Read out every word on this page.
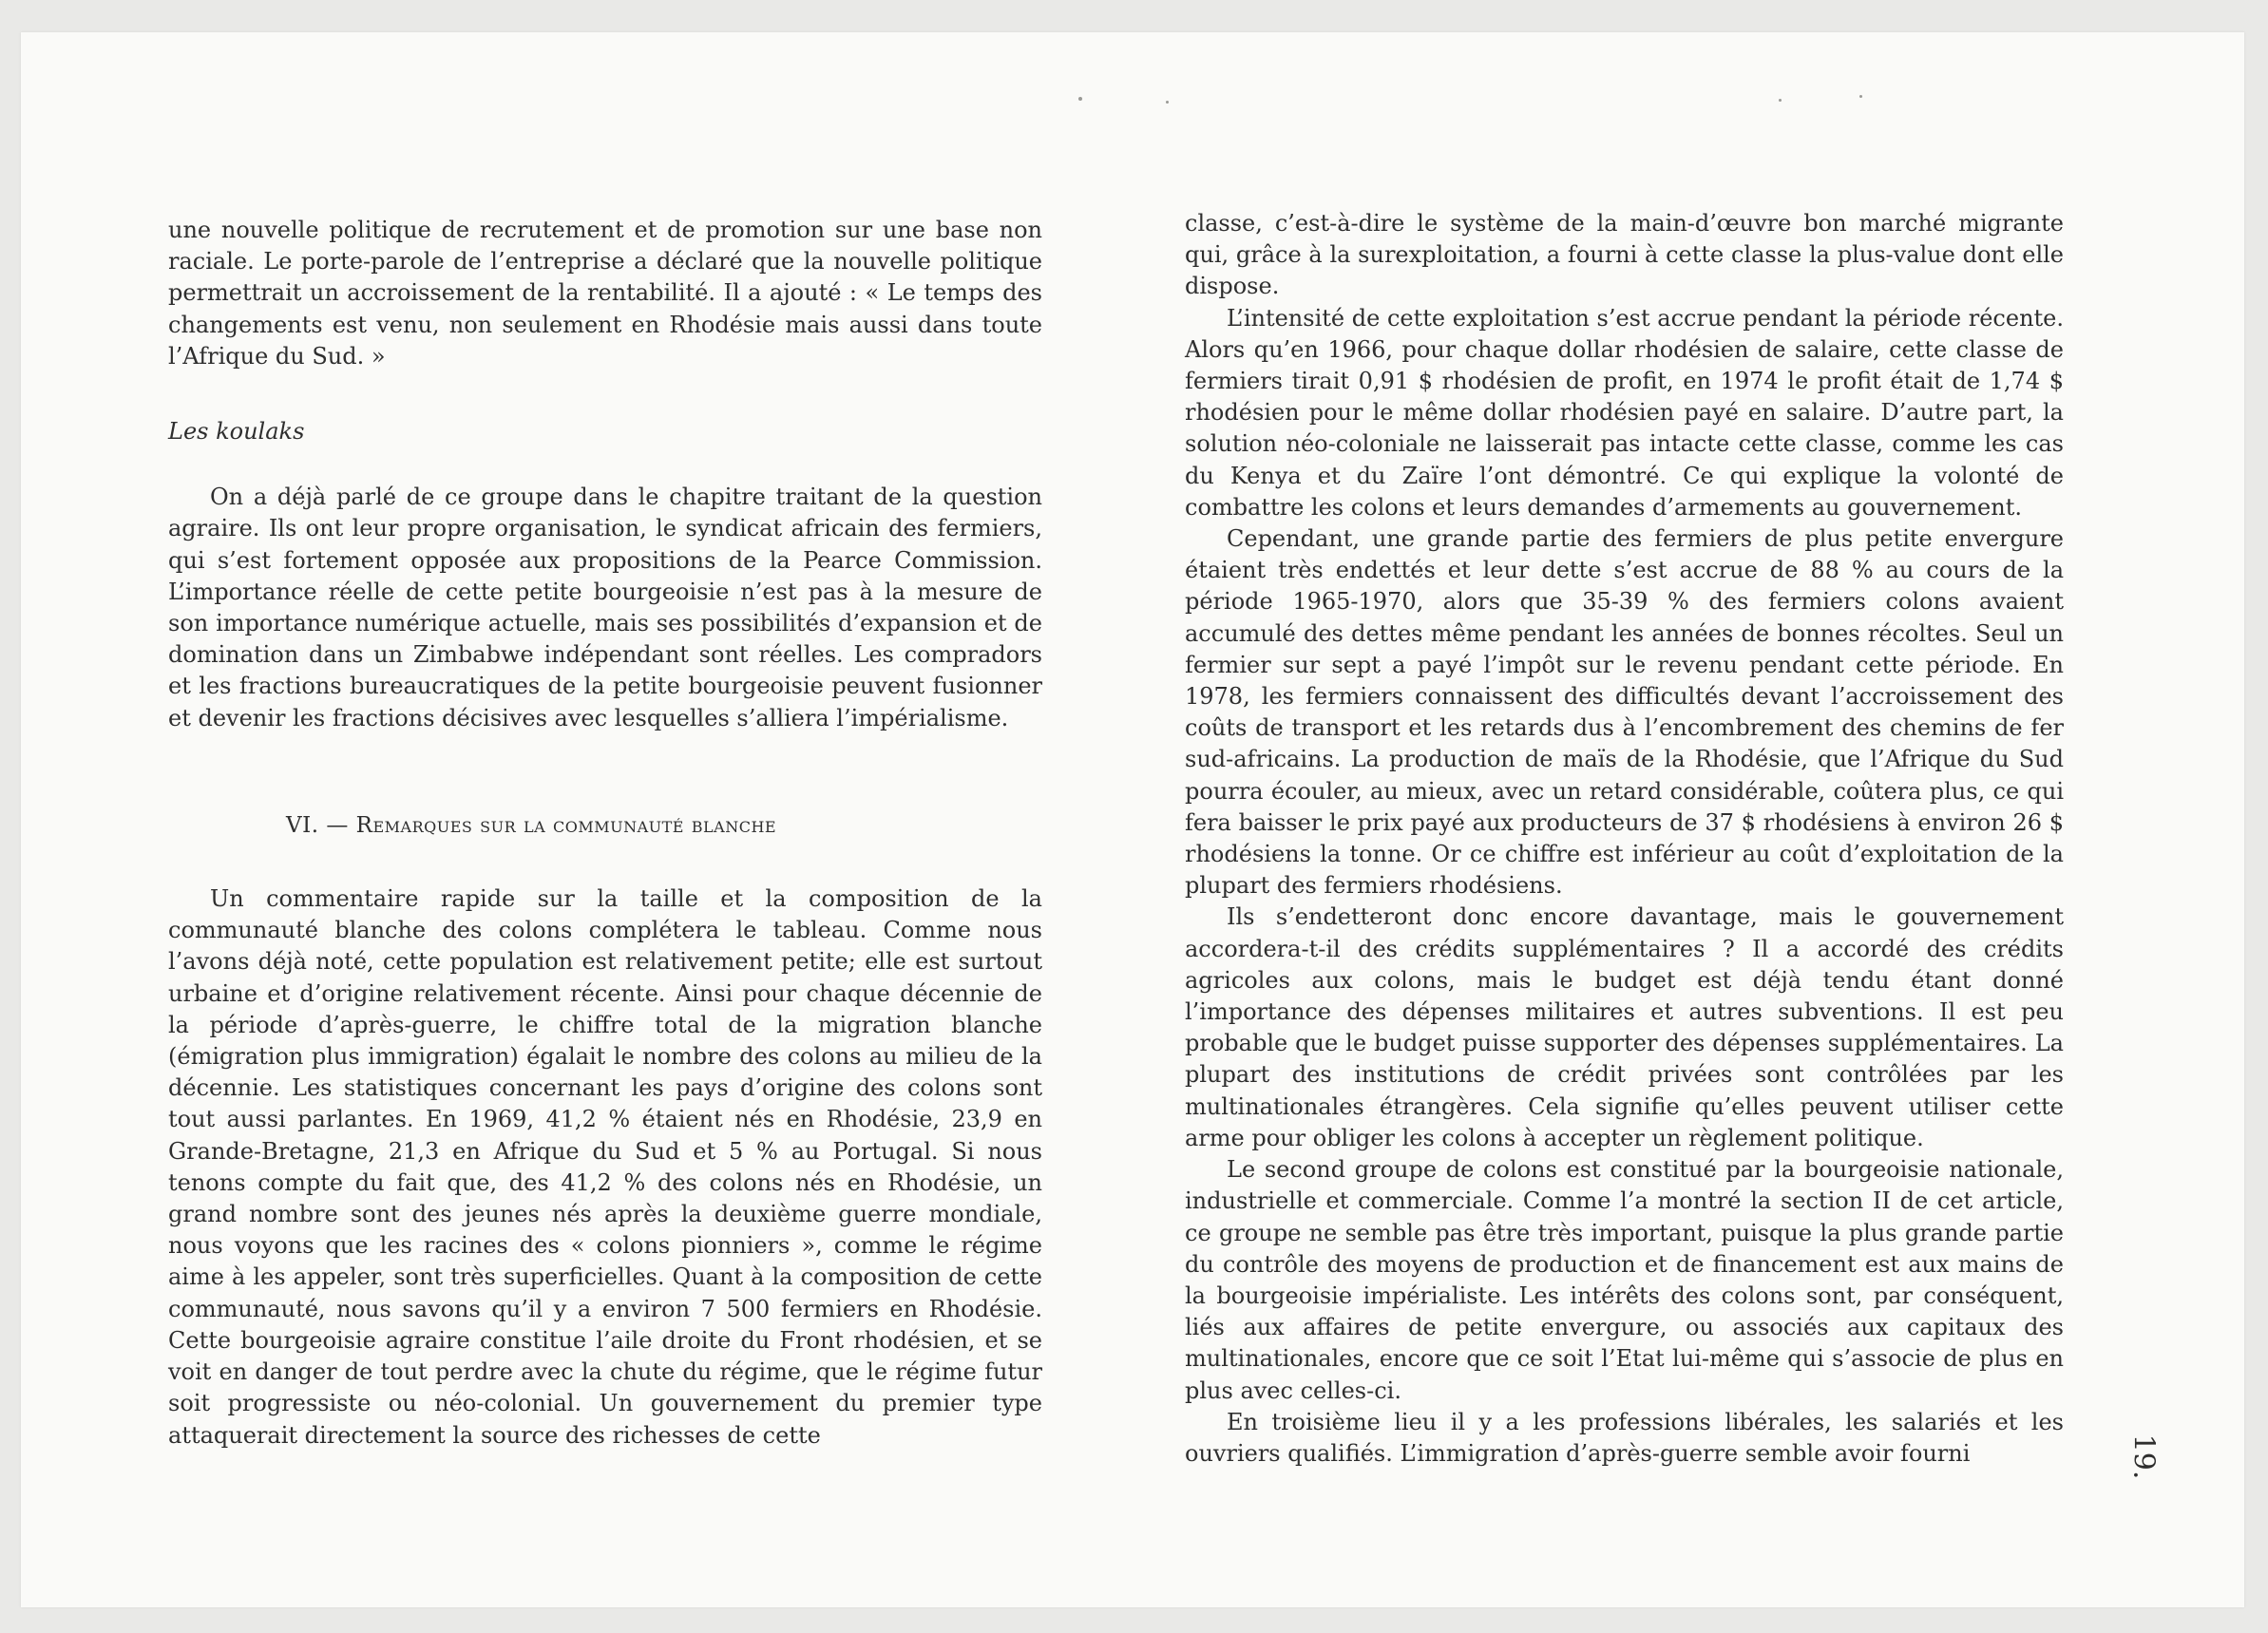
une nouvelle politique de recrutement et de promotion sur une base non raciale. Le porte-parole de l’entreprise a déclaré que la nouvelle politique permettrait un accroissement de la rentabilité. Il a ajouté : « Le temps des changements est venu, non seulement en Rhodésie mais aussi dans toute l’Afrique du Sud. »

Les koulaks

On a déjà parlé de ce groupe dans le chapitre traitant de la question agraire. Ils ont leur propre organisation, le syndicat africain des fermiers, qui s’est fortement opposée aux propositions de la Pearce Commission. L’importance réelle de cette petite bourgeoisie n’est pas à la mesure de son importance numérique actuelle, mais ses possibilités d’expansion et de domination dans un Zimbabwe indépendant sont réelles. Les compradors et les fractions bureaucratiques de la petite bourgeoisie peuvent fusionner et devenir les fractions décisives avec lesquelles s’alliera l’impérialisme.

VI. — Remarques sur la communauté blanche

Un commentaire rapide sur la taille et la composition de la communauté blanche des colons complétera le tableau. Comme nous l’avons déjà noté, cette population est relativement petite; elle est surtout urbaine et d’origine relativement récente. Ainsi pour chaque décennie de la période d’après-guerre, le chiffre total de la migration blanche (émigration plus immigration) égalait le nombre des colons au milieu de la décennie. Les statistiques concernant les pays d’origine des colons sont tout aussi parlantes. En 1969, 41,2 % étaient nés en Rhodésie, 23,9 en Grande-Bretagne, 21,3 en Afrique du Sud et 5 % au Portugal. Si nous tenons compte du fait que, des 41,2 % des colons nés en Rhodésie, un grand nombre sont des jeunes nés après la deuxième guerre mondiale, nous voyons que les racines des « colons pionniers », comme le régime aime à les appeler, sont très superficielles. Quant à la composition de cette communauté, nous savons qu’il y a environ 7 500 fermiers en Rhodésie. Cette bourgeoisie agraire constitue l’aile droite du Front rhodésien, et se voit en danger de tout perdre avec la chute du régime, que le régime futur soit progressiste ou néo-colonial. Un gouvernement du premier type attaquerait directement la source des richesses de cette

classe, c’est-à-dire le système de la main-d’œuvre bon marché migrante qui, grâce à la surexploitation, a fourni à cette classe la plus-value dont elle dispose.

L’intensité de cette exploitation s’est accrue pendant la période récente. Alors qu’en 1966, pour chaque dollar rhodésien de salaire, cette classe de fermiers tirait 0,91 $ rhodésien de profit, en 1974 le profit était de 1,74 $ rhodésien pour le même dollar rhodésien payé en salaire. D’autre part, la solution néo-coloniale ne laisserait pas intacte cette classe, comme les cas du Kenya et du Zaïre l’ont démontré. Ce qui explique la volonté de combattre les colons et leurs demandes d’armements au gouvernement.

Cependant, une grande partie des fermiers de plus petite envergure étaient très endettés et leur dette s’est accrue de 88 % au cours de la période 1965-1970, alors que 35-39 % des fermiers colons avaient accumulé des dettes même pendant les années de bonnes récoltes. Seul un fermier sur sept a payé l’impôt sur le revenu pendant cette période. En 1978, les fermiers connaissent des difficultés devant l’accroissement des coûts de transport et les retards dus à l’encombrement des chemins de fer sud-africains. La production de maïs de la Rhodésie, que l’Afrique du Sud pourra écouler, au mieux, avec un retard considérable, coûtera plus, ce qui fera baisser le prix payé aux producteurs de 37 $ rhodésiens à environ 26 $ rhodésiens la tonne. Or ce chiffre est inférieur au coût d’exploitation de la plupart des fermiers rhodésiens.

Ils s’endetteront donc encore davantage, mais le gouvernement accordera-t-il des crédits supplémentaires ? Il a accordé des crédits agricoles aux colons, mais le budget est déjà tendu étant donné l’importance des dépenses militaires et autres subventions. Il est peu probable que le budget puisse supporter des dépenses supplémentaires. La plupart des institutions de crédit privées sont contrôlées par les multinationales étrangères. Cela signifie qu’elles peuvent utiliser cette arme pour obliger les colons à accepter un règlement politique.

Le second groupe de colons est constitué par la bourgeoisie nationale, industrielle et commerciale. Comme l’a montré la section II de cet article, ce groupe ne semble pas être très important, puisque la plus grande partie du contrôle des moyens de production et de financement est aux mains de la bourgeoisie impérialiste. Les intérêts des colons sont, par conséquent, liés aux affaires de petite envergure, ou associés aux capitaux des multinationales, encore que ce soit l’Etat lui-même qui s’associe de plus en plus avec celles-ci.

En troisième lieu il y a les professions libérales, les salariés et les ouvriers qualifiés. L’immigration d’après-guerre semble avoir fourni	19.
